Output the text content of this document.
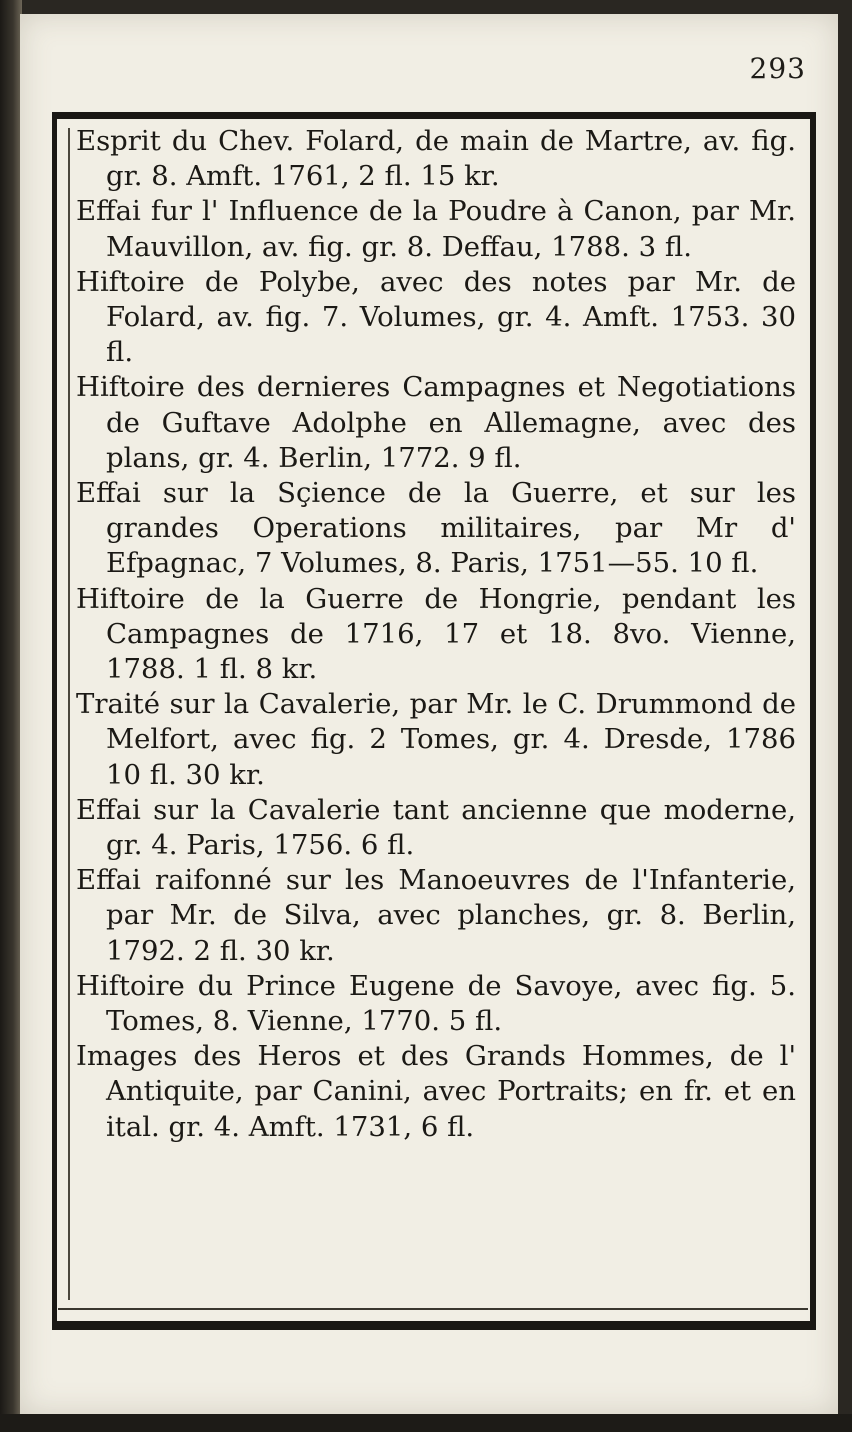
293

Esprit du Chev. Folard, de main de Martre, av. fig. gr. 8. Amft. 1761, 2 fl. 15 kr.

Effai fur l' Influence de la Poudre à Canon, par Mr. Mauvillon, av. fig. gr. 8. Deffau, 1788. 3 fl.

Hiftoire de Polybe, avec des notes par Mr. de Folard, av. fig. 7. Volumes, gr. 4. Amft. 1753. 30 fl.

Hiftoire des dernieres Campagnes et Negotiations de Guftave Adolphe en Allemagne, avec des plans, gr. 4. Berlin, 1772. 9 fl.

Effai sur la Sçience de la Guerre, et sur les grandes Operations militaires, par Mr d' Efpagnac, 7 Volumes, 8. Paris, 1751—55. 10 fl.

Hiftoire de la Guerre de Hongrie, pendant les Campagnes de 1716, 17 et 18. 8vo. Vienne, 1788. 1 fl. 8 kr.

Traité sur la Cavalerie, par Mr. le C. Drummond de Melfort, avec fig. 2 Tomes, gr. 4. Dresde, 1786 10 fl. 30 kr.

Effai sur la Cavalerie tant ancienne que moderne, gr. 4. Paris, 1756. 6 fl.

Effai raifonné sur les Manoeuvres de l'Infanterie, par Mr. de Silva, avec planches, gr. 8. Berlin, 1792. 2 fl. 30 kr.

Hiftoire du Prince Eugene de Savoye, avec fig. 5. Tomes, 8. Vienne, 1770. 5 fl.

Images des Heros et des Grands Hommes, de l' Antiquite, par Canini, avec Portraits; en fr. et en ital. gr. 4. Amft. 1731, 6 fl.
